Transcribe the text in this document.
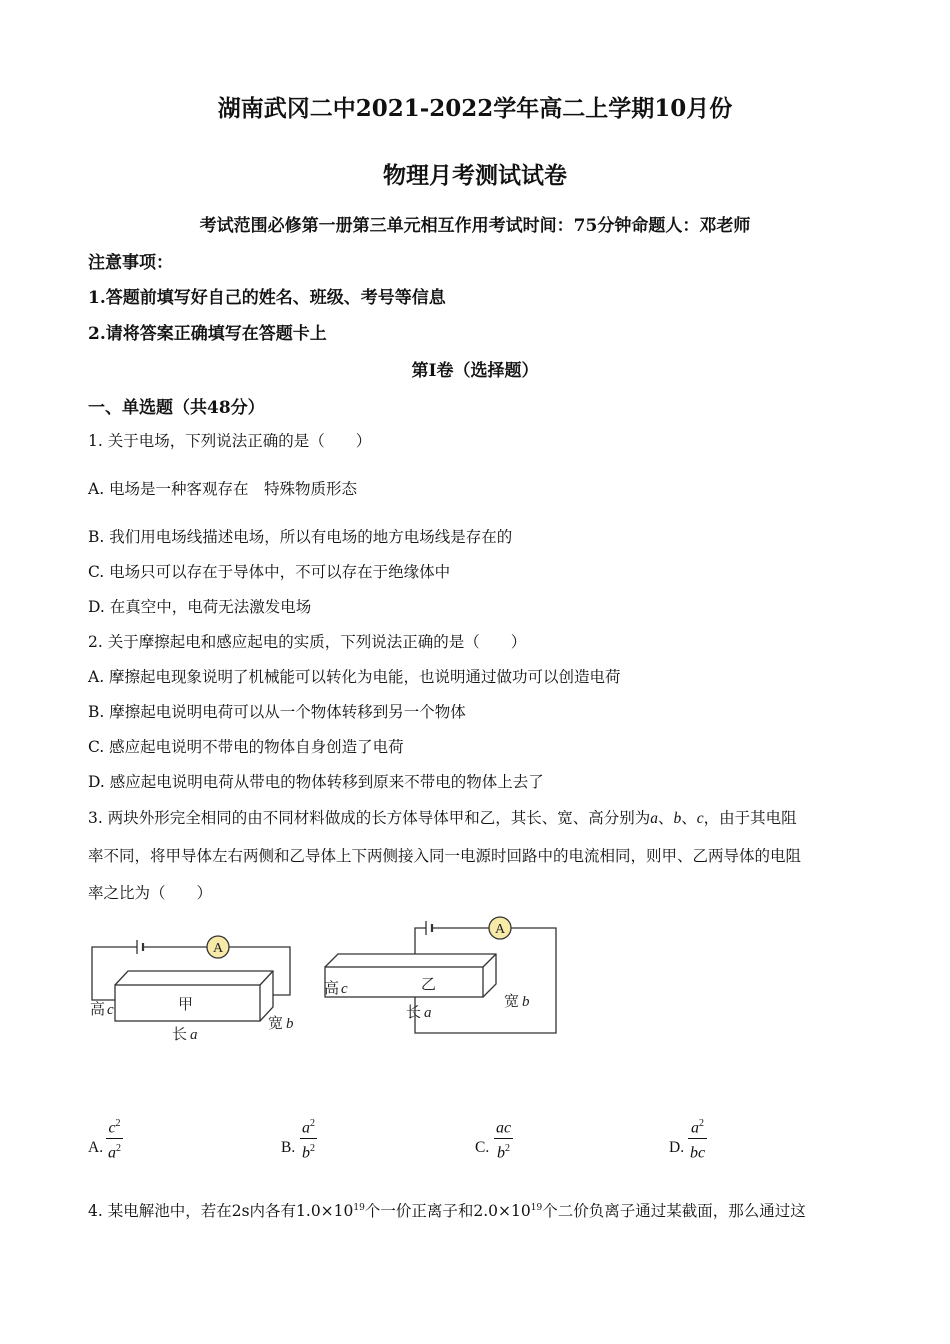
湖南武冈二中2021-2022学年高二上学期10月份
物理月考测试试卷
考试范围必修第一册第三单元相互作用考试时间：75分钟命题人：邓老师
注意事项：
1.答题前填写好自己的姓名、班级、考号等信息
2.请将答案正确填写在答题卡上
第I卷（选择题）
一、单选题（共48分）
1. 关于电场，下列说法正确的是（　　）
A. 电场是一种客观存在　特殊物质形态
B. 我们用电场线描述电场，所以有电场的地方电场线是存在的
C. 电场只可以存在于导体中，不可以存在于绝缘体中
D. 在真空中，电荷无法激发电场
2. 关于摩擦起电和感应起电的实质，下列说法正确的是（　　）
A. 摩擦起电现象说明了机械能可以转化为电能，也说明通过做功可以创造电荷
B. 摩擦起电说明电荷可以从一个物体转移到另一个物体
C. 感应起电说明不带电的物体自身创造了电荷
D. 感应起电说明电荷从带电的物体转移到原来不带电的物体上去了
3. 两块外形完全相同的由不同材料做成的长方体导体甲和乙，其长、宽、高分别为a、b、c，由于其电阻
率不同，将甲导体左右两侧和乙导体上下两侧接入同一电源时回路中的电流相同，则甲、乙两导体的电阻
率之比为（　　）
A
A
高 c	甲
长 a
宽 b
高 c	乙
长 a
宽 b
A. $\frac{c^2}{a^2}$	B. $\frac{a^2}{b^2}$	C. $\frac{ac}{b^2}$	D. $\frac{a^2}{bc}$
4. 某电解池中，若在2s内各有$1.0\times 10^{19}$个一价正离子和$2.0\times 10^{19}$个二价负离子通过某截面，那么通过这
